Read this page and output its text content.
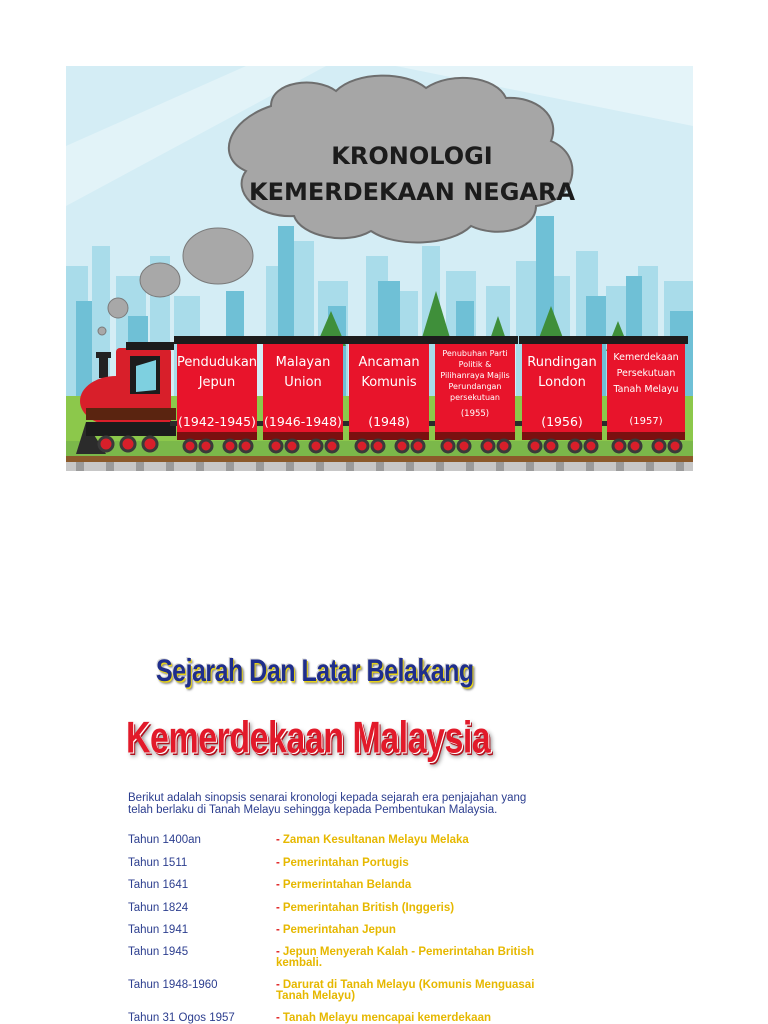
KRONOLOGI
KEMERDEKAAN NEGARA
Pendudukan
Jepun
(1942-1945)
Malayan
Union
(1946-1948)
Ancaman
Komunis
(1948)
Penubuhan Parti
Politik &
Pilihanraya Majlis
Perundangan
persekutuan
(1955)
Rundingan
London
(1956)
Kemerdekaan
Persekutuan
Tanah Melayu
(1957)
Sejarah Dan Latar Belakang
Kemerdekaan Malaysia

Berikut adalah sinopsis senarai kronologi kepada sejarah era penjajahan yang telah berlaku di Tanah Melayu sehingga kepada Pembentukan Malaysia.

Tahun 1400an	- Zaman Kesultanan Melayu Melaka
Tahun 1511	- Pemerintahan Portugis
Tahun 1641	- Permerintahan Belanda
Tahun 1824	- Pemerintahan British (Inggeris)
Tahun 1941	- Pemerintahan Jepun
Tahun 1945	- Jepun Menyerah Kalah - Pemerintahan British kembali.
Tahun 1948-1960	- Darurat di Tanah Melayu (Komunis Menguasai Tanah Melayu)
Tahun 31 Ogos 1957	- Tanah Melayu mencapai kemerdekaan
